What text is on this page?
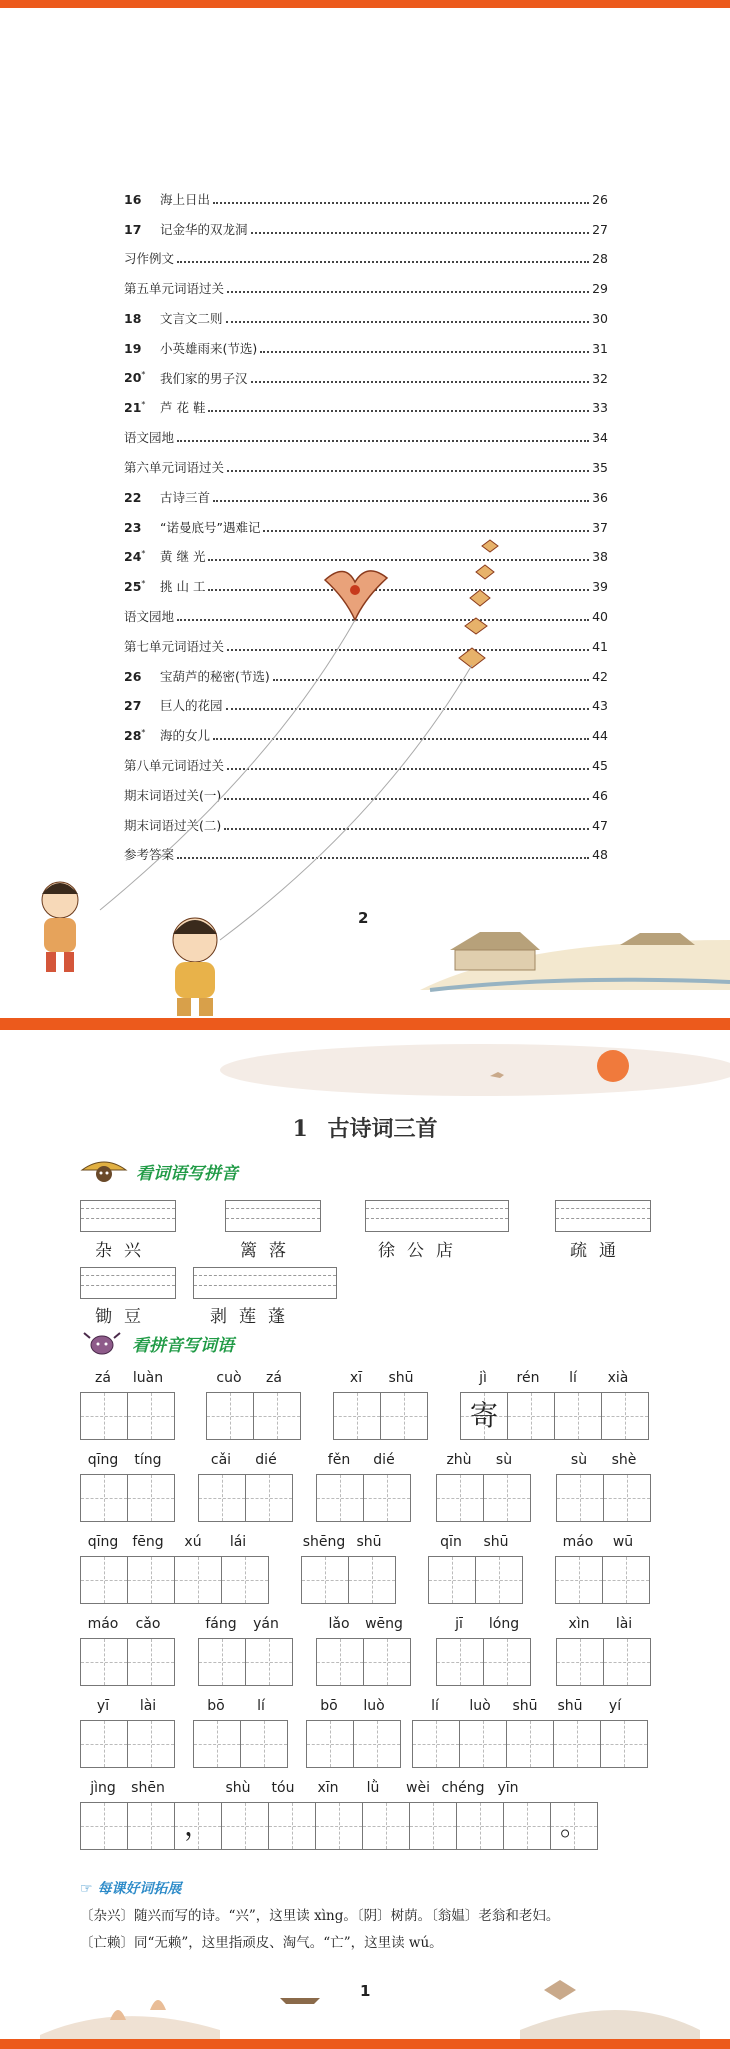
16	海上日出	26
17	记金华的双龙洞	27
习作例文	28
第五单元词语过关	29
18	文言文二则	30
19	小英雄雨来(节选)	31
20*	我们家的男子汉	32
21*	芦 花 鞋	33
语文园地	34
第六单元词语过关	35
22	古诗三首	36
23	“诺曼底号”遇难记	37
24*	黄 继 光	38
25*	挑 山 工	39
语文园地	40
第七单元词语过关	41
26	宝葫芦的秘密(节选)	42
27	巨人的花园	43
28*	海的女儿	44
第八单元词语过关	45
期末词语过关(一)	46
期末词语过关(二)	47
参考答案	48
2
1 古诗词三首
看词语写拼音
杂兴	篱落	徐公店	疏通
锄豆	剥莲蓬
看拼音写词语
zá	luàn	cuò	zá	xī	shū	jì	rén	lí	xià
寄
qīng	tíng	cǎi	dié	fěn	dié	zhù	sù	sù	shè
qīng	fēng	xú	lái	shēng shū	qīn	shū	máo	wū
máo	cǎo	fáng	yán	lǎo	wēng	jī	lóng	xìn	lài
yī	lài	bō	lí	bō	luò	lí	luò	shū	shū	yí
jìng	shēn	shù	tóu	xīn	lǜ	wèi chéng yīn
，	。
☞ 每课好词拓展
〔杂兴〕随兴而写的诗。“兴”，这里读 xìng。〔阴〕树荫。〔翁媪〕老翁和老妇。
〔亡赖〕同“无赖”，这里指顽皮、淘气。“亡”，这里读 wú。
1
